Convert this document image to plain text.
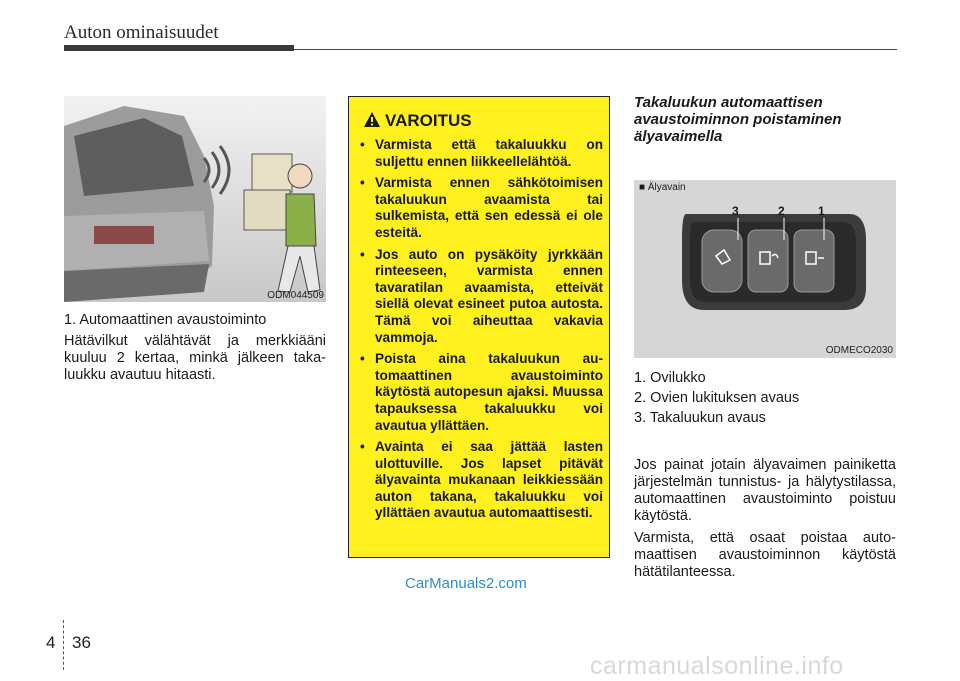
Auton ominaisuudet
ODM044509
1. Automaattinen avaustoiminto
Hätävilkut välähtävät ja merkkiääni kuuluu 2 kertaa, minkä jälkeen takaluukku avautuu hitaasti.
VAROITUS
• Varmista että takaluukku on suljettu ennen liikkeellelähtöä.
• Varmista ennen sähkötoimisen takaluukun avaamista tai sulkemista, että sen edessä ei ole esteitä.
• Jos auto on pysäköity jyrkkään rinteeseen, varmista ennen tavaratilan avaamista, etteivät siellä olevat esineet putoa autosta. Tämä voi aiheuttaa vakavia vammoja.
• Poista aina takaluukun automaattinen avaustoiminto käytöstä autopesun ajaksi. Muussa tapauksessa takaluukku voi avautua yllättäen.
• Avainta ei saa jättää lasten ulottuville. Jos lapset pitävät älyavainta mukanaan leikkiessään auton takana, takaluukku voi yllättäen avautua automaattisesti.
Takaluukun automaattisen avaustoiminnon poistaminen älyavaimella
■ Älyavain
3	2	1
ODMECO2030
1. Ovilukko
2. Ovien lukituksen avaus
3. Takaluukun avaus
Jos painat jotain älyavaimen painiketta järjestelmän tunnistus- ja hälytystilassa, automaattinen avaustoiminto poistuu käytöstä.
Varmista, että osaat poistaa automaattisen avaustoiminnon käytöstä hätätilanteessa.
4 36
CarManuals2.com
carmanualsonline.info
